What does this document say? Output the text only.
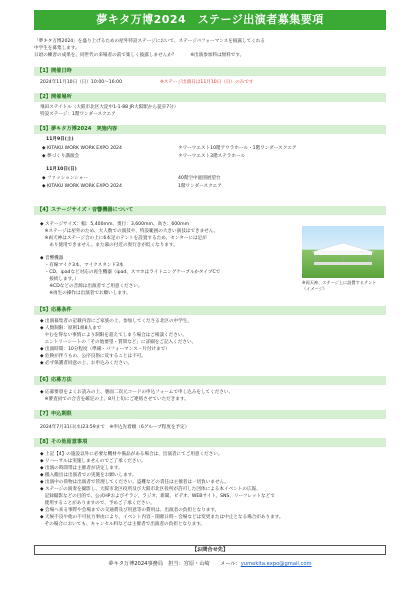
夢キタ万博2024　ステージ出演者募集要項
「夢キタ万博2024」を盛り上げるための屋外特設ステージにおいて、ステージパフォーマンスを披露してくれる
中学生を募集します。
日頃の練習の成果を、同世代の来場者の前で楽しく披露しませんか？　　　※出演参加料は無料です。
【1】開催日時
2024年11月10日（日）10:00～16:00	※ステージ出演日は11月10日（日）のみです
【2】開催場所
飛田ステイトル（大阪市北区大淀中1-1-88 JR大阪駅から徒歩7分）
特設ステージ：1階ワンダースクエア
【3】夢キタ万博2024　実施内容
11月9日(土)
◆ KITAKU WORK WORK EXPO 2024	タワーウエスト10階アウラホール・1階ワンダースクエア
◆ 夢づくり講演会	タワーウエスト3階ステラホール
11月10日(日)
◆ ファッションショー	40階空中庭園展望台
◆ KITAKU WORK WORK EXPO 2024	1階ワンダースクエア
【4】ステージサイズ・音響機器について
◆ ステージサイズ：幅：5,400mm、奥行：3,600mm、高さ：600mm
　※ステージは屋外のため、大人数での演技や、特設範囲の大きい演技はできません。
　※両天神はステージ合の上に6本足のテントを設置するため、センターには足が
　　あり使用できません。また幕の付近の奥行きが低くなります。
◆ 音響機器
　・有線マイク3本、マイクスタンド3本
　・CD、ipadなど対応の再生機器（ipad、スマホはライトニングケーブルかタイプCで
　　接続します。）
　　※CDなどの音源は出演者でご用意ください。
　　※再生の操作は出演者でお願いします。
※両天神、ステージ上に設置するテント（イメージ）
【5】応募条件
◆ 出演募集者の記載内容にご家族の上、参加してくださる北区の中学生。
◆ 人数制限：原則1組8人まで
　やむを得ない事情により制限を超えてしまう場合はご相談ください。
　エントリーシートの「その他要望・質問など」に詳細をご記入ください。
◆ 出演時間：10分程度（準備・パフォーマンス・片付けまで）
◆ 危険が伴うもの、公序良俗に反することは不可。
◆ 必ず保護者同意の上、お申込みください。
【6】応募方法
◆ 応募要項をよくお読みの上、裏面二次元コードの申込フォームで申し込みをしてください。
　※審査員での合否を確定の上、8月上旬にご連絡させていただきます。
【7】申込期限
2024年7月31日(水)23:59まで　※申込先着順（6グループ程度を予定）
【8】その他留意事項
◆ 上記【4】の施設以外に必要な機材や備品がある場合は、出演者にてご用意ください。
◆ リハーサルは実施しませんのでご了承ください。
◆ 出演の時間帯は主催者が決定します。
◆ 搬入搬出は出演者での実施をお願いします。
◆ 出演中の荷物は出演者で管理してください。盗難などの責任は主催者は一切負いません。
◆ ステージの演奏を撮影し、大阪市北区役所及び大阪市北区役所が許可した団体による本イベントの広報、
　記録撮影などの目的で、公式HPおよびチラシ、ラジオ、新聞、ビデオ、WEBサイト、SNS、リーフレットなどで
　使用することがありますので、予めご了承ください。
◆ 会場へ来る事際や会場までの交通費及び用意等の費用は、出演者の負担となります。
◆ 天候不良や他の不可抗力事由により、イベント内容・開催日時・会場などは変更または中止となる場合があります。
　その場合においても、キャンセル料などは主催者で出演者の負担となります。
【お問合せ先】
夢キタ万博2024事務局　担当：宮原・山崎　　メール：yumekita.expo@gmail.com
